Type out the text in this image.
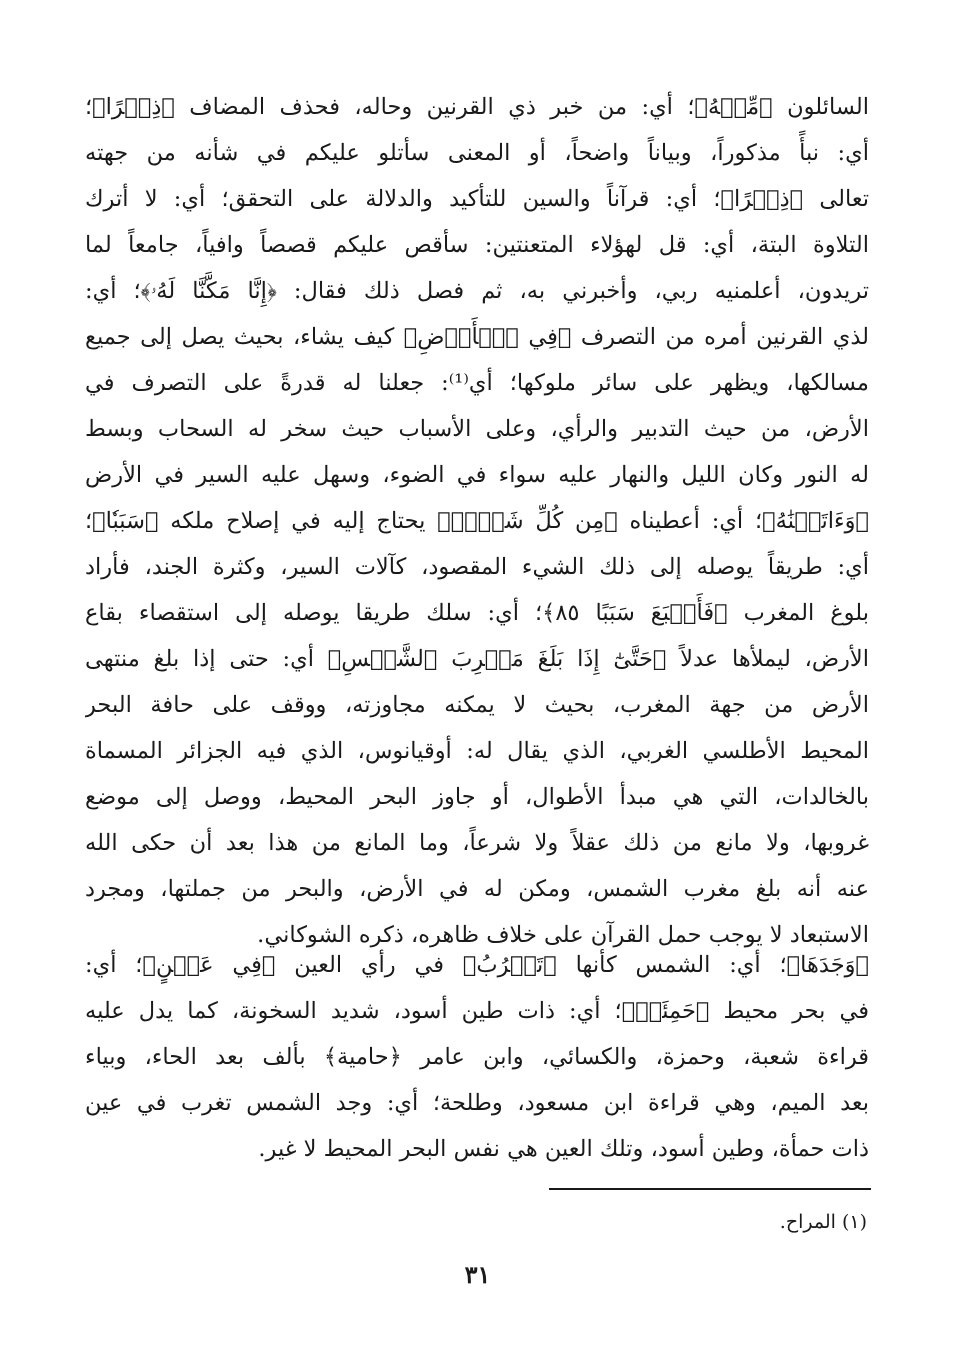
السائلون ﴿مِّنۡهُ﴾؛ أي: من خبر ذي القرنين وحاله، فحذف المضاف ﴿ذِكۡرًا﴾؛
أي: نبأً مذكوراً، وبياناً واضحاً، أو المعنى سأتلو عليكم في شأنه من جهته
تعالى ﴿ذِكۡرًا﴾؛ أي: قرآناً والسين للتأكيد والدلالة على التحقق؛ أي: لا أترك
التلاوة البتة، أي: قل لهؤلاء المتعنتين: سأقص عليكم قصصاً وافياً، جامعاً لما
تريدون، أعلمنيه ربي، وأخبرني به، ثم فصل ذلك فقال: ﴿إِنَّا مَكَّنَّا لَهُۥ﴾؛ أي:
لذي القرنين أمره من التصرف ﴿فِي ٱلۡأَرۡضِ﴾ كيف يشاء، بحيث يصل إلى جميع
مسالكها، ويظهر على سائر ملوكها؛ أي⁽¹⁾: جعلنا له قدرةً على التصرف في
الأرض، من حيث التدبير والرأي، وعلى الأسباب حيث سخر له السحاب وبسط
له النور وكان الليل والنهار عليه سواء في الضوء، وسهل عليه السير في الأرض
﴿وَءَاتَيۡنَٰهُ﴾؛ أي: أعطيناه ﴿مِن كُلِّ شَيۡءٖ﴾ يحتاج إليه في إصلاح ملكه ﴿سَبَبٗا﴾؛
أي: طريقاً يوصله إلى ذلك الشيء المقصود، كآلات السير، وكثرة الجند، فأراد
بلوغ المغرب ﴿فَأَتۡبَعَ سَبَبًا ٨٥﴾؛ أي: سلك طريقا يوصله إلى استقصاء بقاع
الأرض، ليملأها عدلاً ﴿حَتَّىٰٓ إِذَا بَلَغَ مَغۡرِبَ ٱلشَّمۡسِ﴾ أي: حتى إذا بلغ منتهى
الأرض من جهة المغرب، بحيث لا يمكنه مجاوزته، ووقف على حافة البحر
المحيط الأطلسي الغربي، الذي يقال له: أوقيانوس، الذي فيه الجزائر المسماة
بالخالدات، التي هي مبدأ الأطوال، أو جاوز البحر المحيط، ووصل إلى موضع
غروبها، ولا مانع من ذلك عقلاً ولا شرعاً، وما المانع من هذا بعد أن حكى الله
عنه أنه بلغ مغرب الشمس، ومكن له في الأرض، والبحر من جملتها، ومجرد
الاستبعاد لا يوجب حمل القرآن على خلاف ظاهره، ذكره الشوكاني.
﴿وَجَدَهَا﴾؛ أي: الشمس كأنها ﴿تَغۡرُبُ﴾ في رأي العين ﴿فِي عَيۡنٍ﴾؛ أي:
في بحر محيط ﴿حَمِئَةٖ﴾؛ أي: ذات طين أسود، شديد السخونة، كما يدل عليه
قراءة شعبة، وحمزة، والكسائي، وابن عامر ﴿حامية﴾ بألف بعد الحاء، وبياء
بعد الميم، وهي قراءة ابن مسعود، وطلحة؛ أي: وجد الشمس تغرب في عين
ذات حمأة، وطين أسود، وتلك العين هي نفس البحر المحيط لا غير.
(١) المراح.
٣١
